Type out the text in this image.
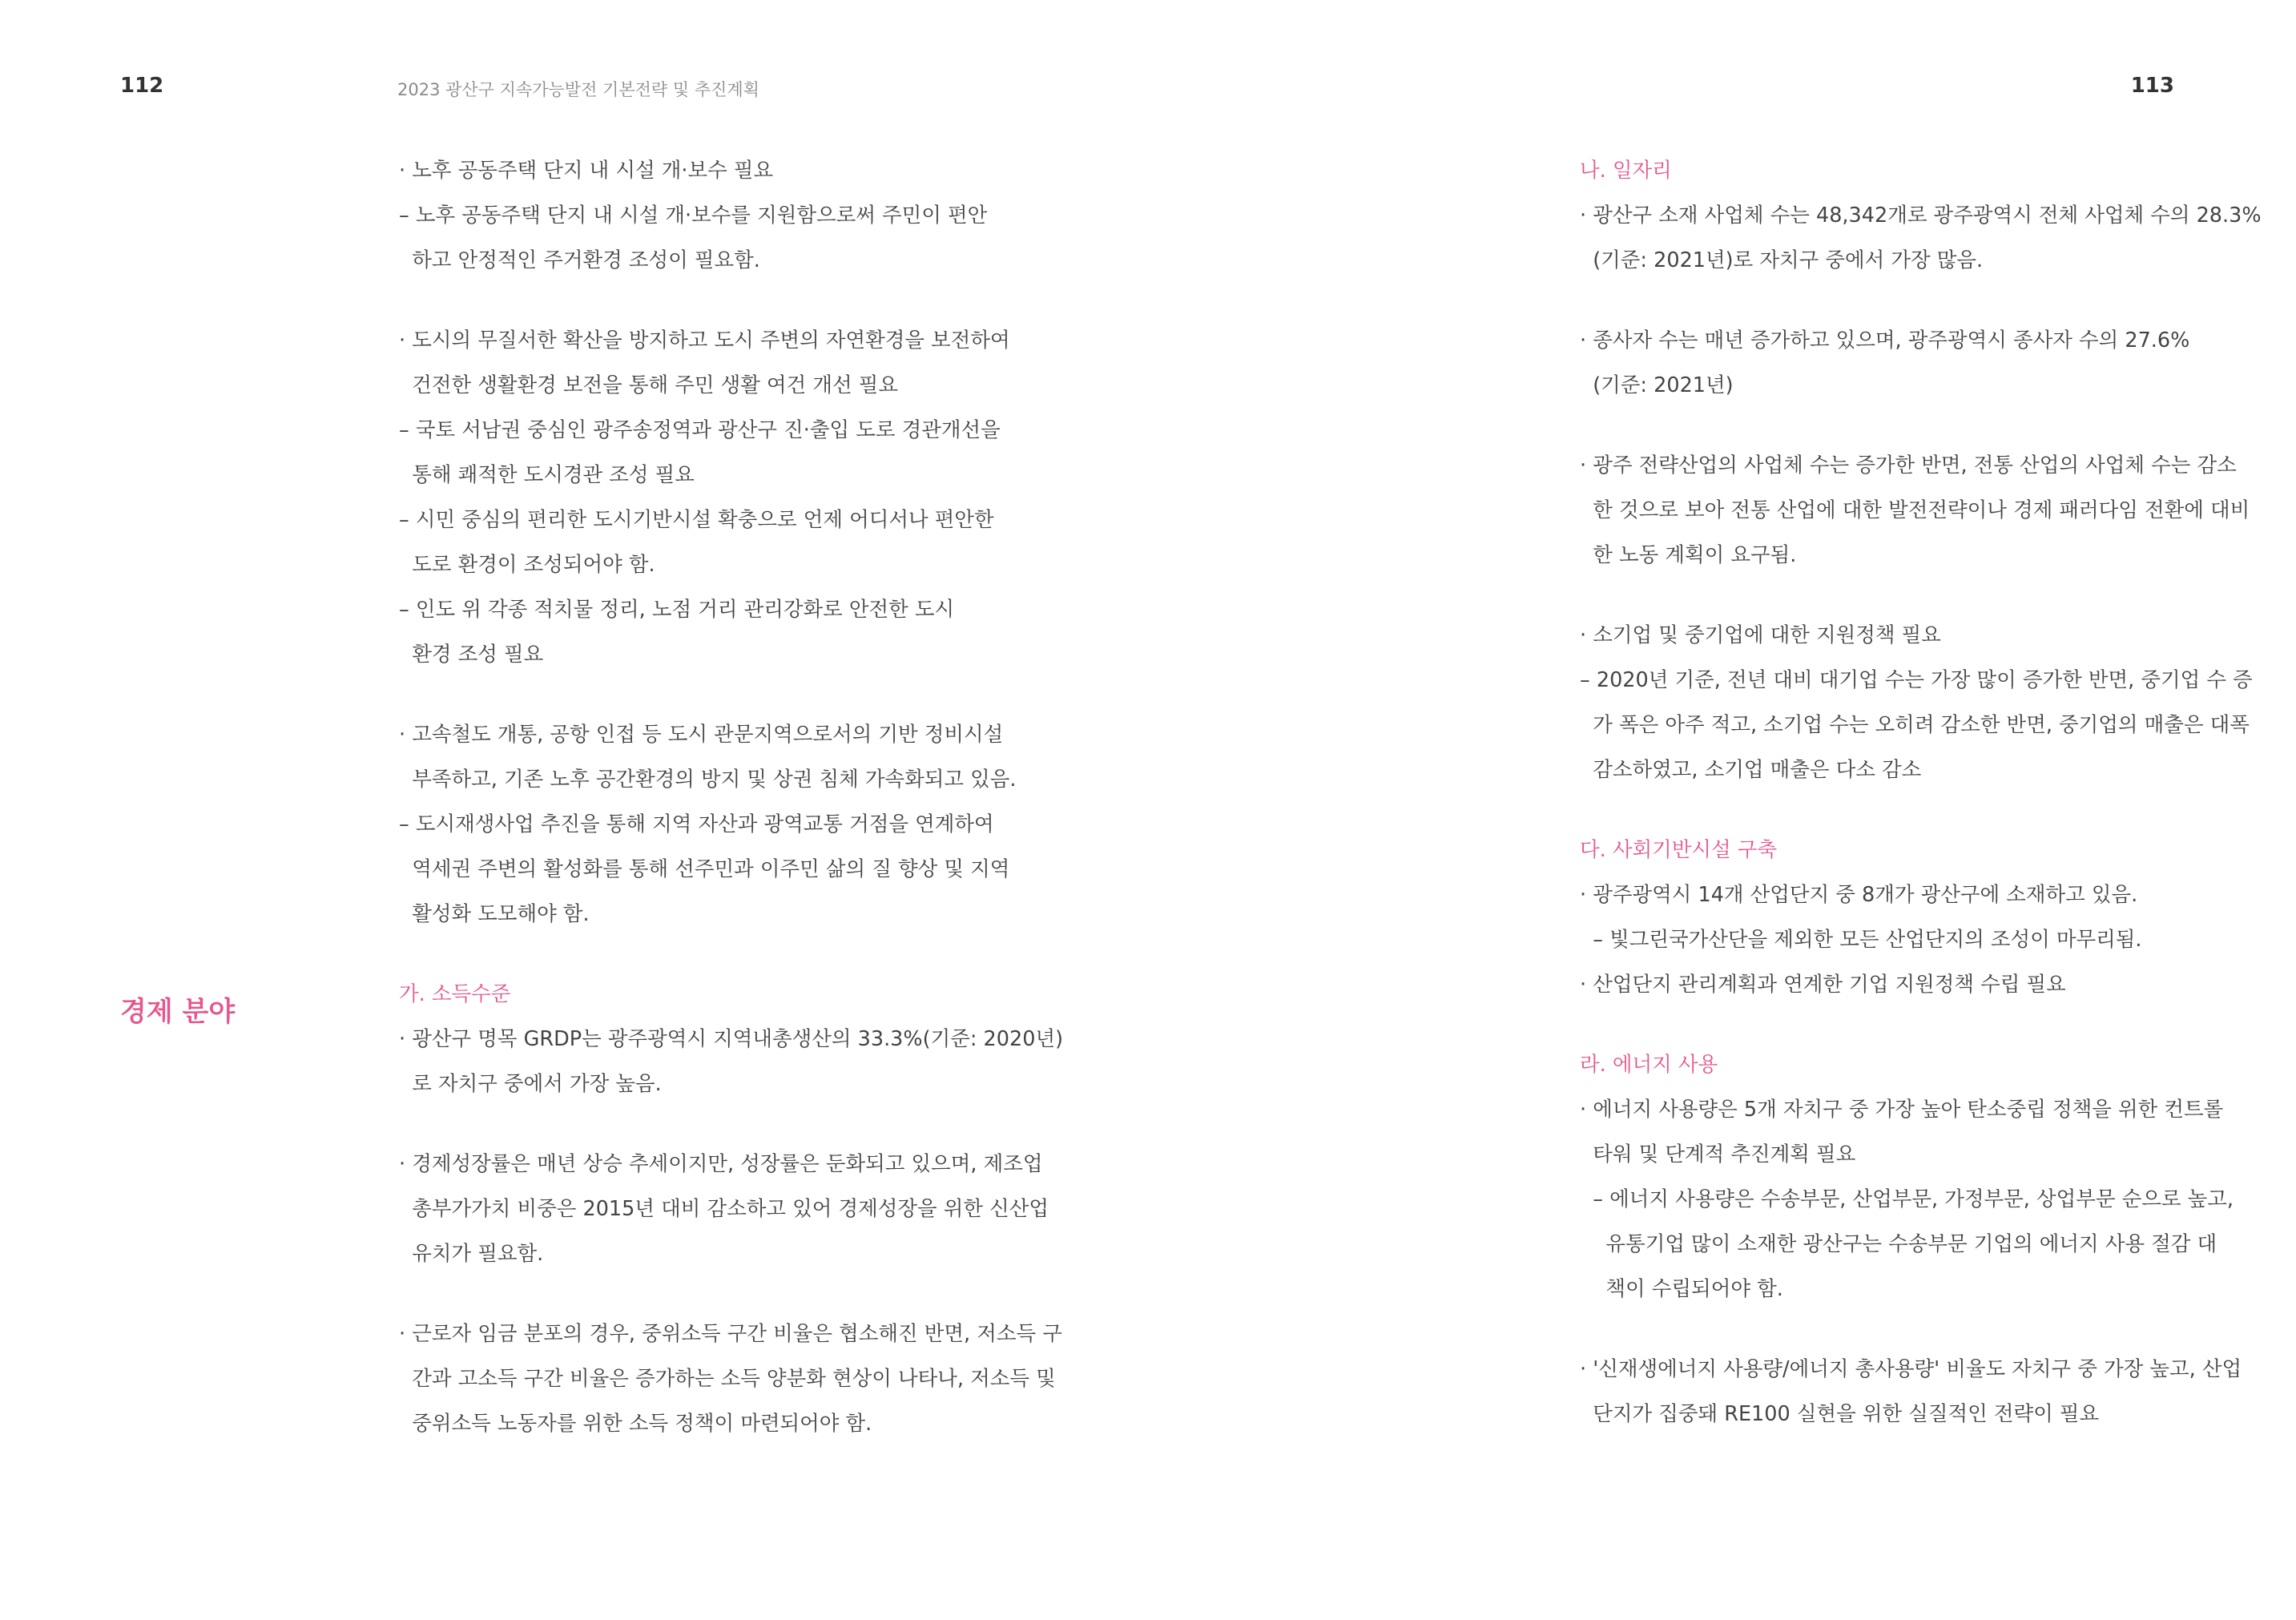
112	2023 광산구 지속가능발전 기본전략 및 추진계획	113
경제 분야
· 노후 공동주택 단지 내 시설 개·보수 필요
– 노후 공동주택 단지 내 시설 개·보수를 지원함으로써 주민이 편안
하고 안정적인 주거환경 조성이 필요함.
· 도시의 무질서한 확산을 방지하고 도시 주변의 자연환경을 보전하여
건전한 생활환경 보전을 통해 주민 생활 여건 개선 필요
– 국토 서남권 중심인 광주송정역과 광산구 진·출입 도로 경관개선을
통해 쾌적한 도시경관 조성 필요
– 시민 중심의 편리한 도시기반시설 확충으로 언제 어디서나 편안한
도로 환경이 조성되어야 함.
– 인도 위 각종 적치물 정리, 노점 거리 관리강화로 안전한 도시
환경 조성 필요
· 고속철도 개통, 공항 인접 등 도시 관문지역으로서의 기반 정비시설
부족하고, 기존 노후 공간환경의 방지 및 상권 침체 가속화되고 있음.
– 도시재생사업 추진을 통해 지역 자산과 광역교통 거점을 연계하여
역세권 주변의 활성화를 통해 선주민과 이주민 삶의 질 향상 및 지역
활성화 도모해야 함.
가. 소득수준
· 광산구 명목 GRDP는 광주광역시 지역내총생산의 33.3%(기준: 2020년)
로 자치구 중에서 가장 높음.
· 경제성장률은 매년 상승 추세이지만, 성장률은 둔화되고 있으며, 제조업
총부가가치 비중은 2015년 대비 감소하고 있어 경제성장을 위한 신산업
유치가 필요함.
· 근로자 임금 분포의 경우, 중위소득 구간 비율은 협소해진 반면, 저소득 구
간과 고소득 구간 비율은 증가하는 소득 양분화 현상이 나타나, 저소득 및
중위소득 노동자를 위한 소득 정책이 마련되어야 함.
나. 일자리
· 광산구 소재 사업체 수는 48,342개로 광주광역시 전체 사업체 수의 28.3%
(기준: 2021년)로 자치구 중에서 가장 많음.
· 종사자 수는 매년 증가하고 있으며, 광주광역시 종사자 수의 27.6%
(기준: 2021년)
· 광주 전략산업의 사업체 수는 증가한 반면, 전통 산업의 사업체 수는 감소
한 것으로 보아 전통 산업에 대한 발전전략이나 경제 패러다임 전환에 대비
한 노동 계획이 요구됨.
· 소기업 및 중기업에 대한 지원정책 필요
– 2020년 기준, 전년 대비 대기업 수는 가장 많이 증가한 반면, 중기업 수 증
가 폭은 아주 적고, 소기업 수는 오히려 감소한 반면, 중기업의 매출은 대폭
감소하였고, 소기업 매출은 다소 감소
다. 사회기반시설 구축
· 광주광역시 14개 산업단지 중 8개가 광산구에 소재하고 있음.
– 빛그린국가산단을 제외한 모든 산업단지의 조성이 마무리됨.
· 산업단지 관리계획과 연계한 기업 지원정책 수립 필요
라. 에너지 사용
· 에너지 사용량은 5개 자치구 중 가장 높아 탄소중립 정책을 위한 컨트롤
타워 및 단계적 추진계획 필요
– 에너지 사용량은 수송부문, 산업부문, 가정부문, 상업부문 순으로 높고,
유통기업 많이 소재한 광산구는 수송부문 기업의 에너지 사용 절감 대
책이 수립되어야 함.
· '신재생에너지 사용량/에너지 총사용량' 비율도 자치구 중 가장 높고, 산업
단지가 집중돼 RE100 실현을 위한 실질적인 전략이 필요
